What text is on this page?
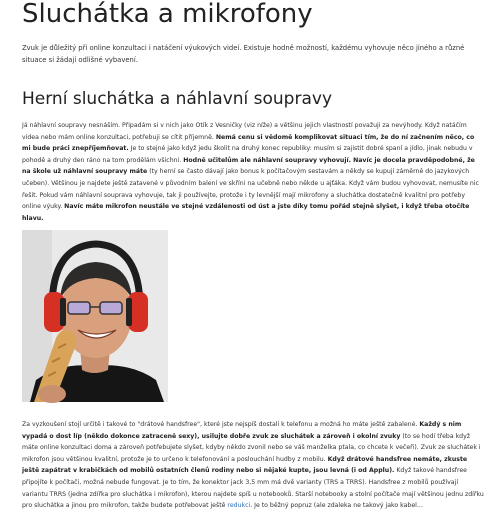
Sluchátka a mikrofony

Zvuk je důležitý při online konzultaci i natáčení výukových videí. Existuje hodně možností, každému vyhovuje něco jiného a různé situace si žádají odlišné vybavení.

Herní sluchátka a náhlavní soupravy

Já náhlavní soupravy nesnáším. Připadám si v nich jako Otík z Vesničky (viz níže) a většinu jejich vlastností považuji za nevýhody. Když natáčím videa nebo mám online konzultaci, potřebuji se cítit příjemně. Nemá cenu si vědomě komplikovat situaci tím, že do ní začnením něco, co mi bude práci znepříjemňovat. Je to stejné jako když jedu školit na druhý konec republiky: musím si zajistit dobré spaní a jídlo, jinak nebudu v pohodě a druhý den ráno na tom prodělám všichni. Hodně učitelům ale náhlavní soupravy vyhovují. Navíc je docela pravděpodobné, že na škole už náhlavní soupravy máte (ty herní se často dávají jako bonus k počítačovým sestavám a někdy se kupují záměrně do jazykových učeben). Většinou je najdete ještě zatavené v původním balení ve skříni na učebně nebo někde u ajťáka. Když vám budou vyhovovat, nemusíte nic řešit. Pokud vám náhlavní souprava vyhovuje, tak ji používejte, protože i ty levnější mají mikrofony a sluchátka dostatečně kvalitní pro potřeby online výuky. Navíc máte mikrofon neustále ve stejné vzdálenosti od úst a jste díky tomu pořád stejně slyšet, i když třeba otočíte hlavu.

Za vyzkoušení stojí určitě i takové to "drátové handsfree", které jste nejspíš dostali k telefonu a možná ho máte ještě zabalené. Každý s nim vypadá o dost líp (někdo dokonce zatraceně sexy), usilujte dobře zvuk ze sluchátek a zároveň i okolní zvuky (to se hodí třeba když máte online konzultaci doma a zároveň potřebujete slyšet, kdyby někdo zvonil nebo se váš manželka ptala, co chcete k večeři). Zvuk ze sluchátek i mikrofon jsou většinou kvalitní, protože je to určeno k telefonování a poslouchání hudby z mobilu. Když drátové handsfree nemáte, zkuste ještě zapátrat v krabičkách od mobilů ostatních členů rodiny nebo si nějaké kupte, jsou levná (i od Applu). Když takové handsfree připojíte k počítači, možná nebude fungovat. Je to tím, že konektor jack 3,5 mm má dvě varianty (TRS a TRRS). Handsfree z mobilů používají variantu TRRS (jedna zdířka pro sluchátka i mikrofon), kterou najdete spíš u notebooků. Starší notebooky a stolní počítače mají většinou jednu zdířku pro sluchátka a jinou pro mikrofon, takže budete potřebovat ještě redukci. Je to běžný popruz (ale zdaleka ne takový jako kabel...
